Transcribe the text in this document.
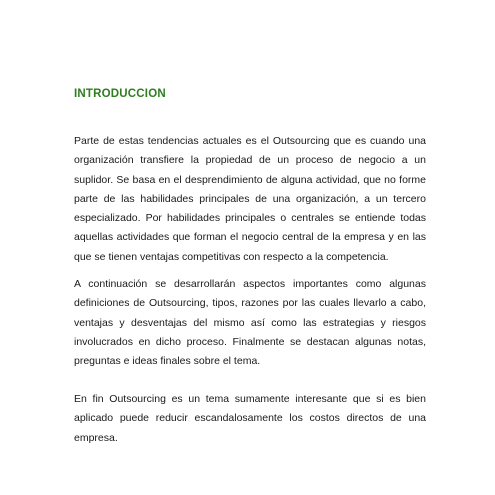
INTRODUCCION

Parte de estas tendencias actuales es el Outsourcing que es cuando una organización transfiere la propiedad de un proceso de negocio a un suplidor. Se basa en el desprendimiento de alguna actividad, que no forme parte de las habilidades principales de una organización, a un tercero especializado. Por habilidades principales o centrales se entiende todas aquellas actividades que forman el negocio central de la empresa y en las que se tienen ventajas competitivas con respecto a la competencia.

A continuación se desarrollarán aspectos importantes como algunas definiciones de Outsourcing, tipos, razones por las cuales llevarlo a cabo, ventajas y desventajas del mismo así como las estrategias y riesgos involucrados en dicho proceso. Finalmente se destacan algunas notas, preguntas e ideas finales sobre el tema.

En fin Outsourcing es un tema sumamente interesante que si es bien aplicado puede reducir escandalosamente los costos directos de una empresa.
